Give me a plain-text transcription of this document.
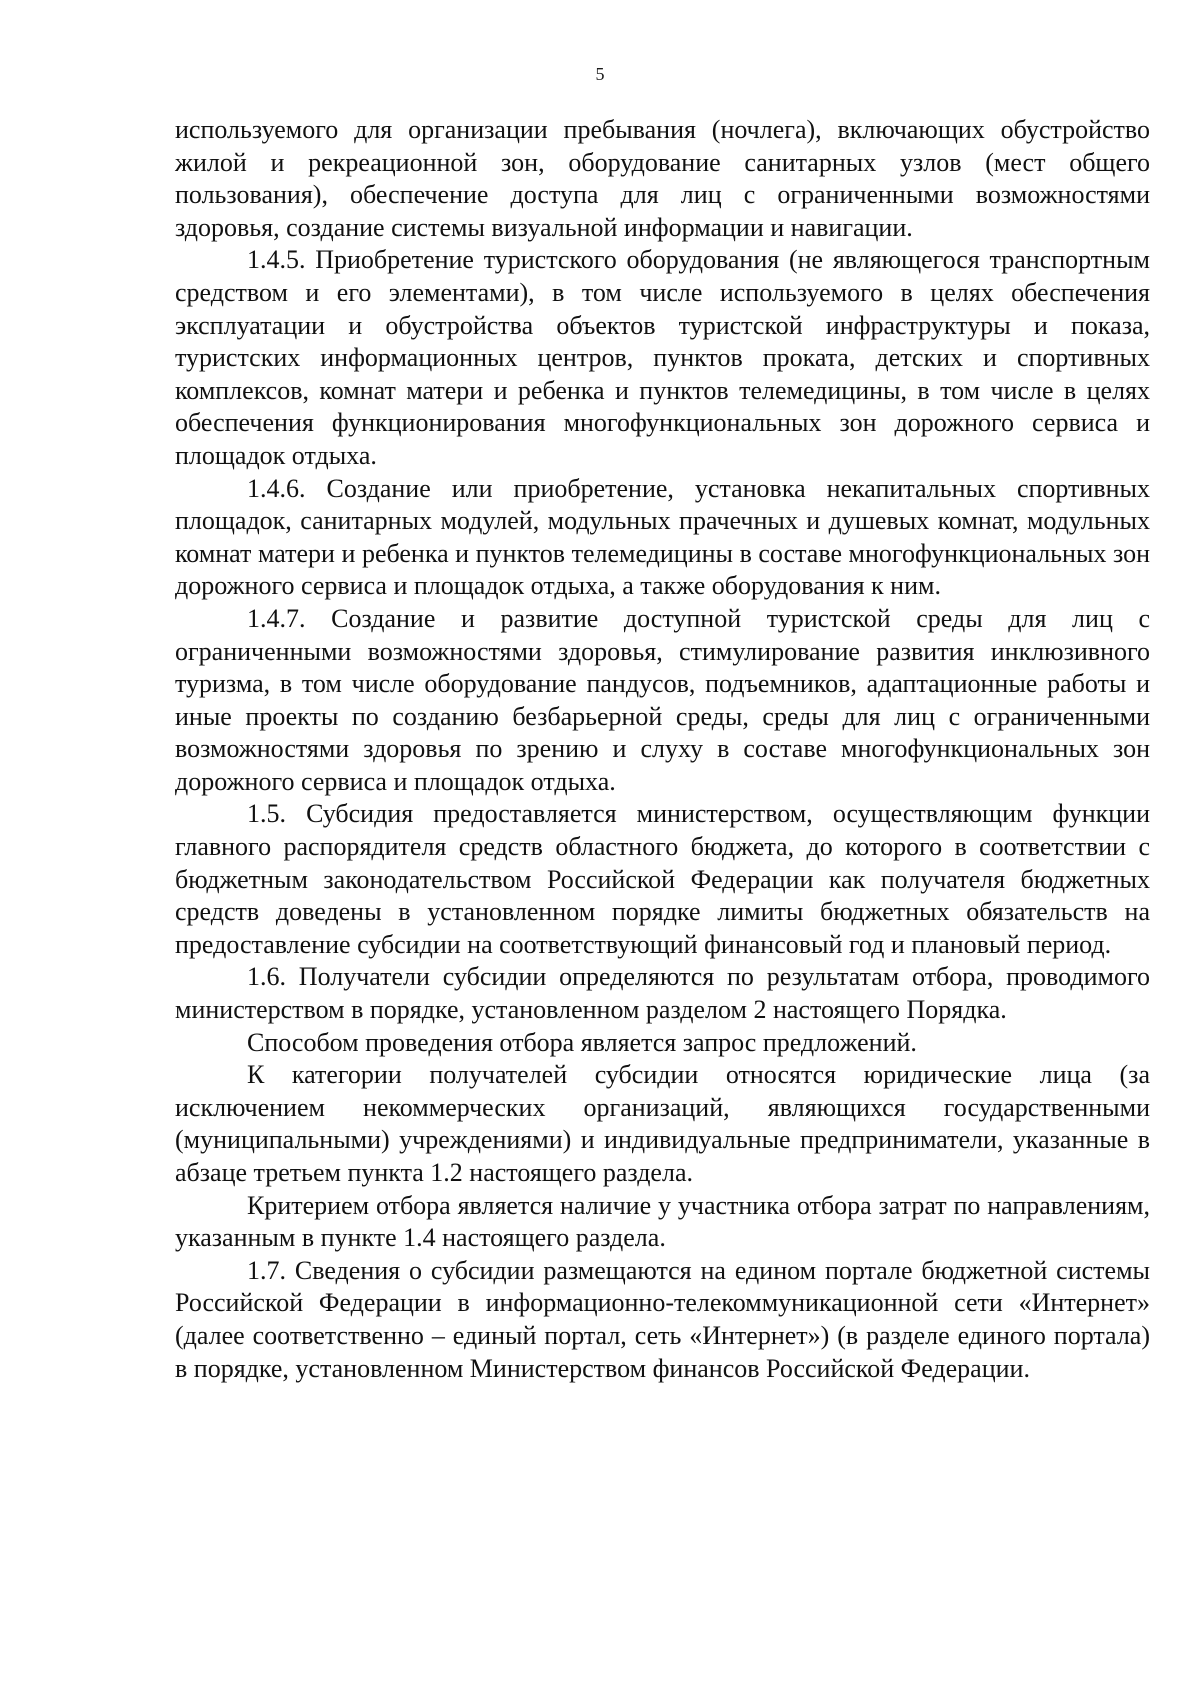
5

используемого для организации пребывания (ночлега), включающих обустройство жилой и рекреационной зон, оборудование санитарных узлов (мест общего пользования), обеспечение доступа для лиц с ограниченными возможностями здоровья, создание системы визуальной информации и навигации.

1.4.5. Приобретение туристского оборудования (не являющегося транспортным средством и его элементами), в том числе используемого в целях обеспечения эксплуатации и обустройства объектов туристской инфраструктуры и показа, туристских информационных центров, пунктов проката, детских и спортивных комплексов, комнат матери и ребенка и пунктов телемедицины, в том числе в целях обеспечения функционирования многофункциональных зон дорожного сервиса и площадок отдыха.

1.4.6. Создание или приобретение, установка некапитальных спортивных площадок, санитарных модулей, модульных прачечных и душевых комнат, модульных комнат матери и ребенка и пунктов телемедицины в составе многофункциональных зон дорожного сервиса и площадок отдыха, а также оборудования к ним.

1.4.7. Создание и развитие доступной туристской среды для лиц с ограниченными возможностями здоровья, стимулирование развития инклюзивного туризма, в том числе оборудование пандусов, подъемников, адаптационные работы и иные проекты по созданию безбарьерной среды, среды для лиц с ограниченными возможностями здоровья по зрению и слуху в составе многофункциональных зон дорожного сервиса и площадок отдыха.

1.5. Субсидия предоставляется министерством, осуществляющим функции главного распорядителя средств областного бюджета, до которого в соответствии с бюджетным законодательством Российской Федерации как получателя бюджетных средств доведены в установленном порядке лимиты бюджетных обязательств на предоставление субсидии на соответствующий финансовый год и плановый период.

1.6. Получатели субсидии определяются по результатам отбора, проводимого министерством в порядке, установленном разделом 2 настоящего Порядка.

Способом проведения отбора является запрос предложений.

К категории получателей субсидии относятся юридические лица (за исключением некоммерческих организаций, являющихся государственными (муниципальными) учреждениями) и индивидуальные предприниматели, указанные в абзаце третьем пункта 1.2 настоящего раздела.

Критерием отбора является наличие у участника отбора затрат по направлениям, указанным в пункте 1.4 настоящего раздела.

1.7. Сведения о субсидии размещаются на едином портале бюджетной системы Российской Федерации в информационно-телекоммуникационной сети «Интернет» (далее соответственно – единый портал, сеть «Интернет») (в разделе единого портала) в порядке, установленном Министерством финансов Российской Федерации.
